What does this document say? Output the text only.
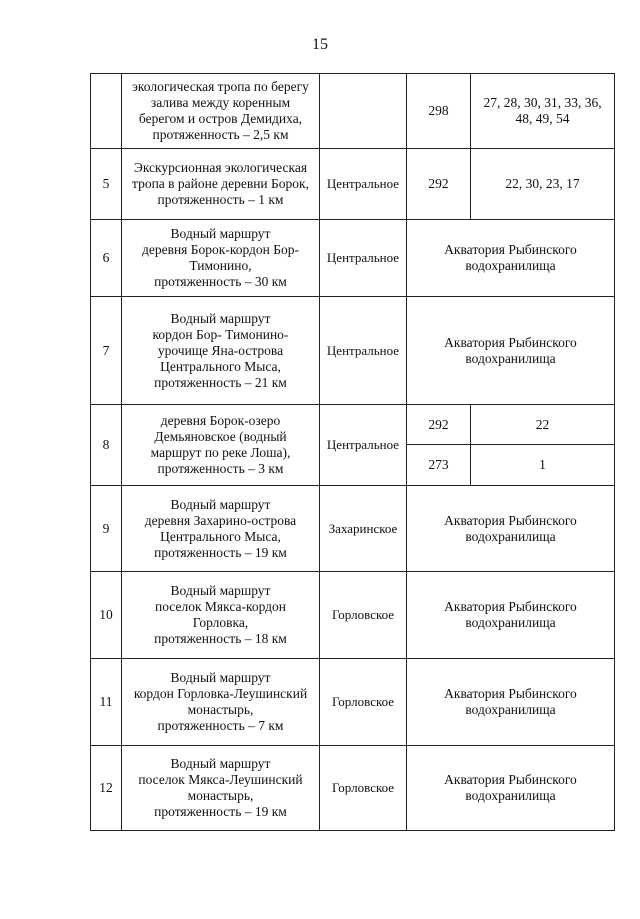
15

	экологическая тропа по берегу
залива между коренным
берегом и остров Демидиха,
протяженность – 2,5 км		298	27, 28, 30, 31, 33, 36,
48, 49, 54

5	Экскурсионная экологическая
тропа в районе деревни Борок,
протяженность – 1 км	Центральное	292	22, 30, 23, 17

6	Водный маршрут
деревня Борок-кордон Бор-
Тимонино,
протяженность – 30 км	Центральное	Акватория Рыбинского
водохранилища	

7	Водный маршрут
кордон Бор- Тимонино-
урочище Яна-острова
Центрального Мыса,
протяженность – 21 км	Центральное	Акватория Рыбинского
водохранилища	

8	деревня Борок-озеро
Демьяновское (водный
маршрут по реке Лоша),
протяженность – 3 км	Центральное	292	22
			273	1
9	Водный маршрут
деревня Захарино-острова
Центрального Мыса,
протяженность – 19 км	Захаринское	Акватория Рыбинского
водохранилища	

10	Водный маршрут
поселок Мякса-кордон
Горловка,
протяженность – 18 км	Горловское	Акватория Рыбинского
водохранилища	

11	Водный маршрут
кордон Горловка-Леушинский
монастырь,
протяженность – 7 км	Горловское	Акватория Рыбинского
водохранилища	

12	Водный маршрут
поселок Мякса-Леушинский
монастырь,
протяженность – 19 км	Горловское	Акватория Рыбинского
водохранилища	
